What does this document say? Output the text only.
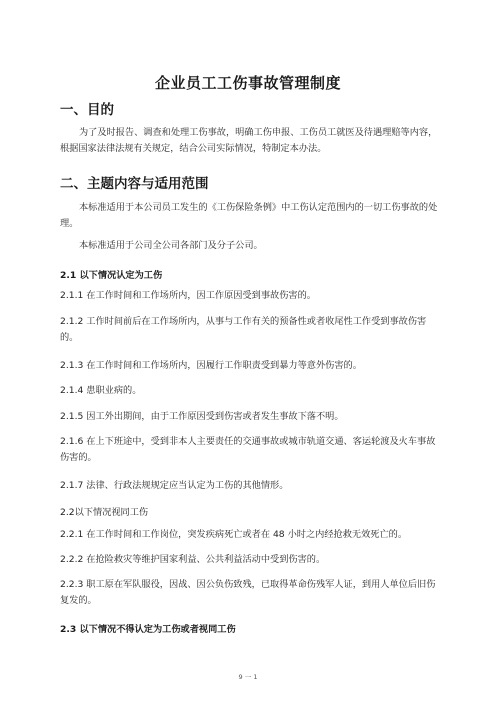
企业员工工伤事故管理制度
一、目的
为了及时报告、调查和处理工伤事故，明确工伤申报、工伤员工就医及待遇理赔等内容，根据国家法律法规有关规定，结合公司实际情况，特制定本办法。
二、主题内容与适用范围
本标准适用于本公司员工发生的《工伤保险条例》中工伤认定范围内的一切工伤事故的处理。
本标准适用于公司全公司各部门及分子公司。
2.1 以下情况认定为工伤
2.1.1 在工作时间和工作场所内，因工作原因受到事故伤害的。
2.1.2 工作时间前后在工作场所内，从事与工作有关的预备性或者收尾性工作受到事故伤害的。
2.1.3 在工作时间和工作场所内，因履行工作职责受到暴力等意外伤害的。
2.1.4 患职业病的。
2.1.5 因工外出期间，由于工作原因受到伤害或者发生事故下落不明。
2.1.6 在上下班途中，受到非本人主要责任的交通事故或城市轨道交通、客运轮渡及火车事故伤害的。
2.1.7 法律、行政法规规定应当认定为工伤的其他情形。
2.2以下情况视同工伤
2.2.1 在工作时间和工作岗位，突发疾病死亡或者在 48 小时之内经抢救无效死亡的。
2.2.2 在抢险救灾等维护国家利益、公共利益活动中受到伤害的。
2.2.3 职工原在军队服役，因战、因公负伤致残，已取得革命伤残军人证，到用人单位后旧伤复发的。
2.3 以下情况不得认定为工伤或者视同工伤
9 一 1
